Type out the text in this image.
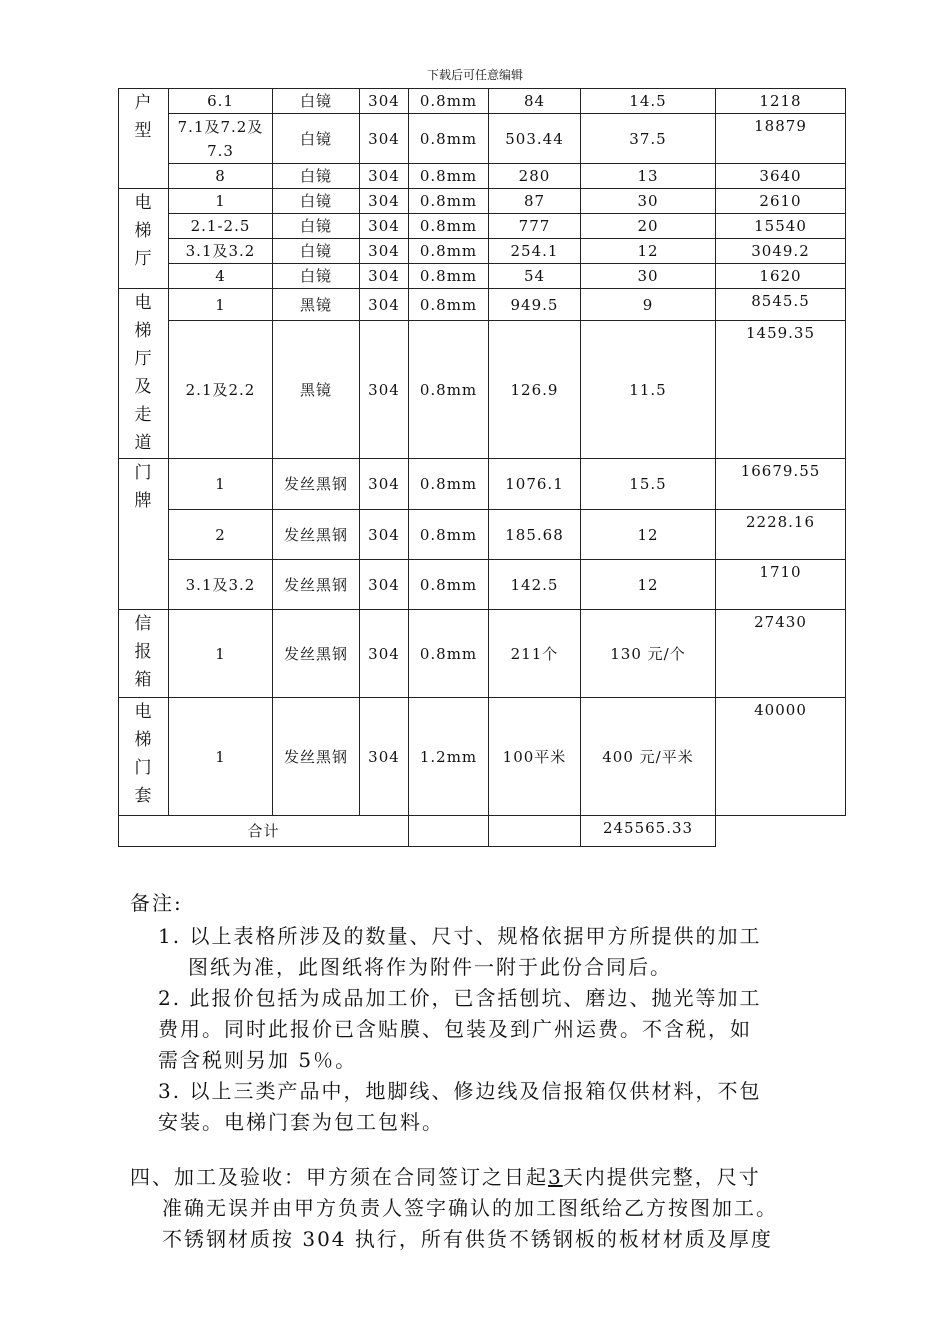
下载后可任意编辑
户型	6.1	白镜	304	0.8mm	84	14.5	1218
	7.1及7.2及7.3	白镜	304	0.8mm	503.44	37.5	18879
	8	白镜	304	0.8mm	280	13	3640
电梯厅	1	白镜	304	0.8mm	87	30	2610
	2.1-2.5	白镜	304	0.8mm	777	20	15540
	3.1及3.2	白镜	304	0.8mm	254.1	12	3049.2
	4	白镜	304	0.8mm	54	30	1620
电梯厅及走道	1	黑镜	304	0.8mm	949.5	9	8545.5
	2.1及2.2	黑镜	304	0.8mm	126.9	11.5	1459.35
门牌	1	发丝黑钢	304	0.8mm	1076.1	15.5	16679.55
	2	发丝黑钢	304	0.8mm	185.68	12	2228.16
	3.1及3.2	发丝黑钢	304	0.8mm	142.5	12	1710
信报箱	1	发丝黑钢	304	0.8mm	211个	130 元/个	27430
电梯门套	1	发丝黑钢	304	1.2mm	100平米	400 元/平米	40000
合计						245565.33	
备注:
1. 以上表格所涉及的数量、尺寸、规格依据甲方所提供的加工
图纸为准，此图纸将作为附件一附于此份合同后。
2. 此报价包括为成品加工价，已含括刨坑、磨边、抛光等加工
费用。同时此报价已含贴膜、包装及到广州运费。不含税，如
需含税则另加 5％。
3. 以上三类产品中，地脚线、修边线及信报箱仅供材料，不包
安装。电梯门套为包工包料。
四、加工及验收：甲方须在合同签订之日起3天内提供完整，尺寸
准确无误并由甲方负责人签字确认的加工图纸给乙方按图加工。
不锈钢材质按 304 执行，所有供货不锈钢板的板材材质及厚度
